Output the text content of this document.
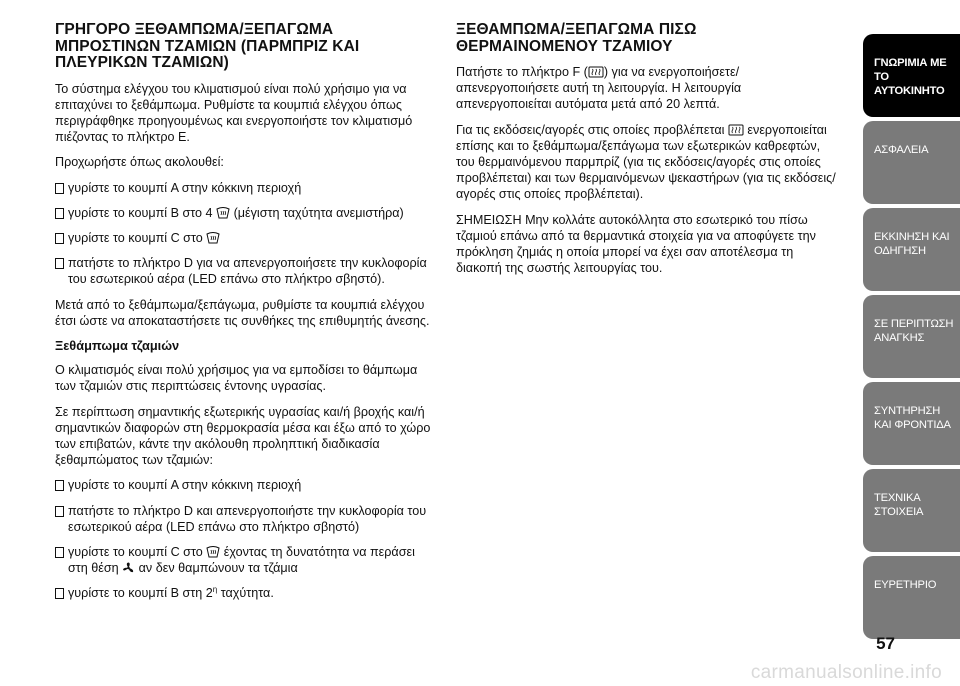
ΓΡΗΓΟΡΟ ΞΕΘΑΜΠΩΜΑ/ΞΕΠΑΓΩΜΑ ΜΠΡΟΣΤΙΝΩΝ ΤΖΑΜΙΩΝ (ΠΑΡΜΠΡΙΖ ΚΑΙ ΠΛΕΥΡΙΚΩΝ ΤΖΑΜΙΩΝ)

Το σύστημα ελέγχου του κλιματισμού είναι πολύ χρήσιμο για να επιταχύνει το ξεθάμπωμα. Ρυθμίστε τα κουμπιά ελέγχου όπως περιγράφθηκε προηγουμένως και ενεργοποιήστε τον κλιματισμό πιέζοντας το πλήκτρο E.

Προχωρήστε όπως ακολουθεί:

γυρίστε το κουμπί A στην κόκκινη περιοχή
γυρίστε το κουμπί B στο 4 (μέγιστη ταχύτητα ανεμιστήρα)
γυρίστε το κουμπί C στο
πατήστε το πλήκτρο D για να απενεργοποιήσετε την κυκλοφορία του εσωτερικού αέρα (LED επάνω στο πλήκτρο σβηστό).

Μετά από το ξεθάμπωμα/ξεπάγωμα, ρυθμίστε τα κουμπιά ελέγχου έτσι ώστε να αποκαταστήσετε τις συνθήκες της επιθυμητής άνεσης.

Ξεθάμπωμα τζαμιών

Ο κλιματισμός είναι πολύ χρήσιμος για να εμποδίσει το θάμπωμα των τζαμιών στις περιπτώσεις έντονης υγρασίας.

Σε περίπτωση σημαντικής εξωτερικής υγρασίας και/ή βροχής και/ή σημαντικών διαφορών στη θερμοκρασία μέσα και έξω από το χώρο των επιβατών, κάντε την ακόλουθη προληπτική διαδικασία ξεθαμπώματος των τζαμιών:

γυρίστε το κουμπί A στην κόκκινη περιοχή
πατήστε το πλήκτρο D και απενεργοποιήστε την κυκλοφορία του εσωτερικού αέρα (LED επάνω στο πλήκτρο σβηστό)
γυρίστε το κουμπί C στο έχοντας τη δυνατότητα να περάσει στη θέση αν δεν θαμπώνουν τα τζάμια
γυρίστε το κουμπί B στη $2^\eta$ ταχύτητα.
ΞΕΘΑΜΠΩΜΑ/ΞΕΠΑΓΩΜΑ ΠΙΣΩ ΘΕΡΜΑΙΝΟΜΕΝΟΥ ΤΖΑΜΙΟΥ

Πατήστε το πλήκτρο F ( ) για να ενεργοποιήσετε/απενεργοποιήσετε αυτή τη λειτουργία. Η λειτουργία απενεργοποιείται αυτόματα μετά από 20 λεπτά.

Για τις εκδόσεις/αγορές στις οποίες προβλέπεται ενεργοποιείται επίσης και το ξεθάμπωμα/ξεπάγωμα των εξωτερικών καθρεφτών, του θερμαινόμενου παρμπρίζ (για τις εκδόσεις/αγορές στις οποίες προβλέπεται) και των θερμαινόμενων ψεκαστήρων (για τις εκδόσεις/αγορές στις οποίες προβλέπεται).

ΣΗΜΕΙΩΣΗ Μην κολλάτε αυτοκόλλητα στο εσωτερικό του πίσω τζαμιού επάνω από τα θερμαντικά στοιχεία για να αποφύγετε την πρόκληση ζημιάς η οποία μπορεί να έχει σαν αποτέλεσμα τη διακοπή της σωστής λειτουργίας του.

ΓΝΩΡΙΜΙΑ ΜΕ ΤΟ ΑΥΤΟΚΙΝΗΤΟ
ΑΣΦΑΛΕΙΑ
ΕΚΚΙΝΗΣΗ ΚΑΙ ΟΔΗΓΗΣΗ
ΣΕ ΠΕΡΙΠΤΩΣΗ ΑΝΑΓΚΗΣ
ΣΥΝΤΗΡΗΣΗ ΚΑΙ ΦΡΟΝΤΙΔΑ
ΤΕΧΝΙΚΑ ΣΤΟΙΧΕΙΑ
ΕΥΡΕΤΗΡΙΟ
57
carmanualsonline.info
